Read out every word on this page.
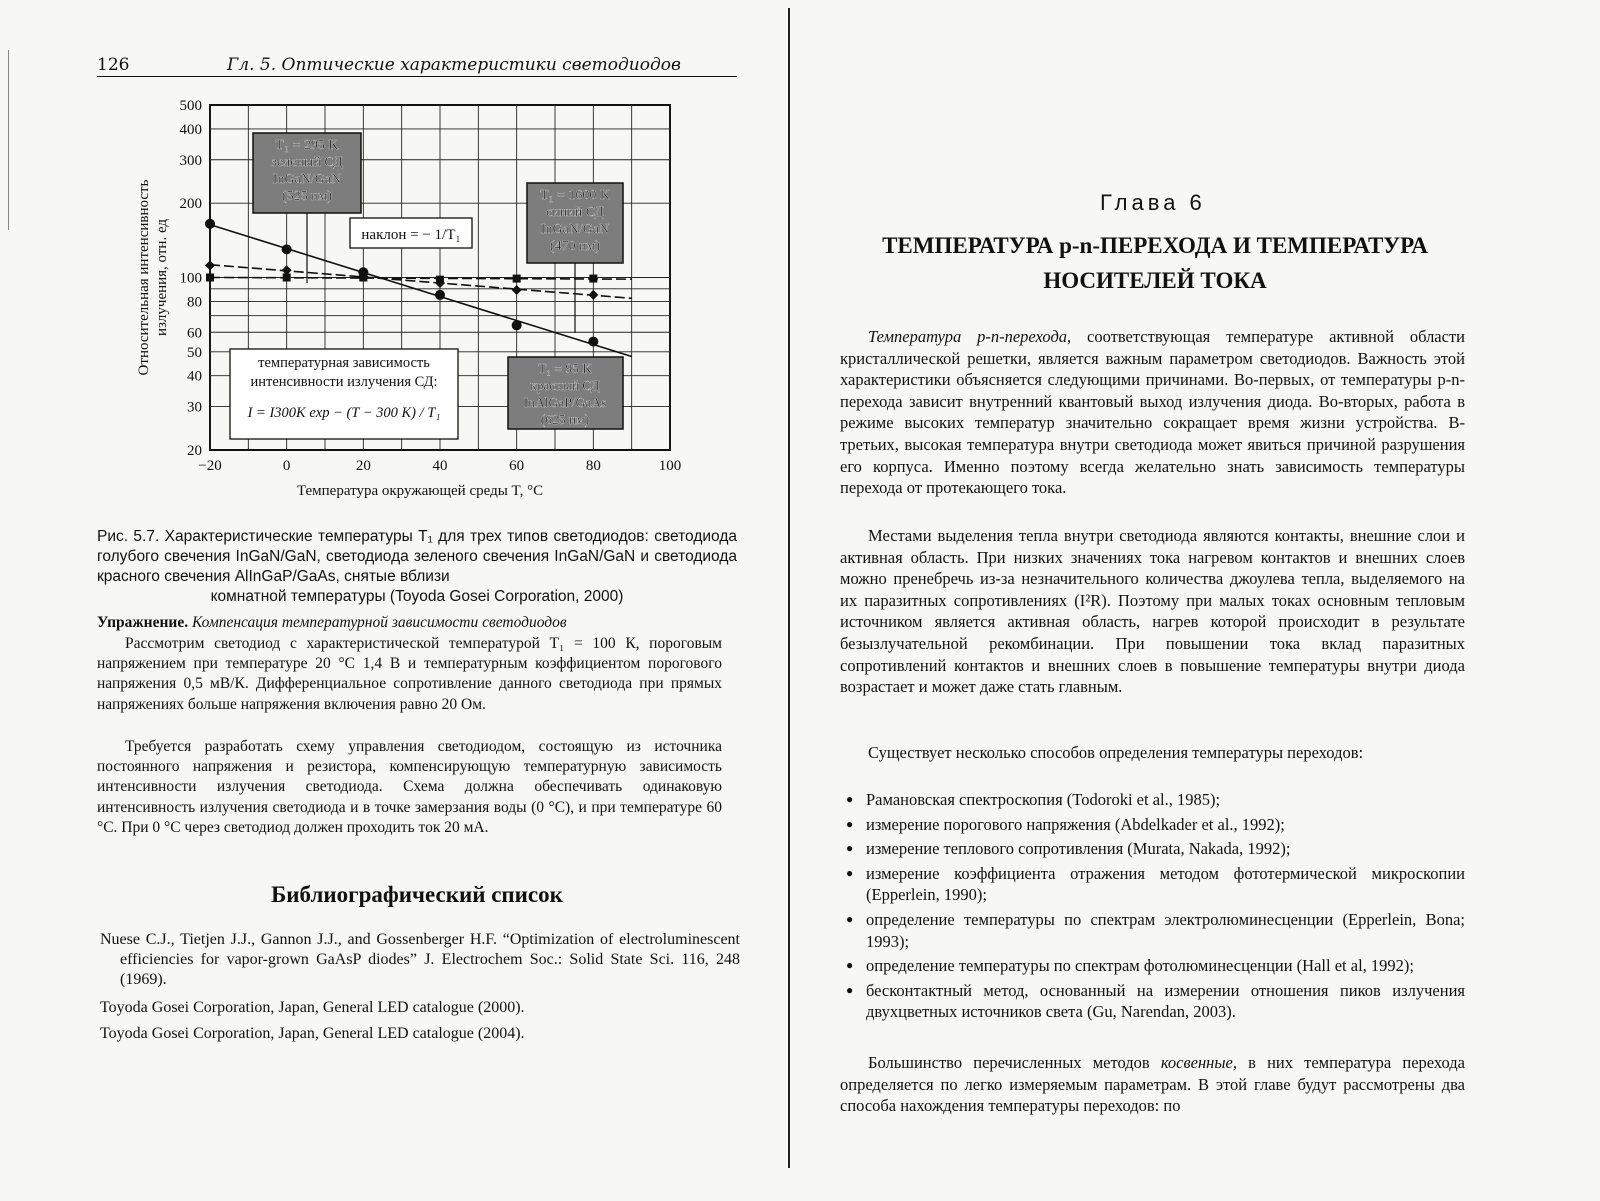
126	Гл. 5. Оптические характеристики светодиодов
−20	0	20	40	60	80	100
20
30
40
50
60
80
100
200
300
400
500
Температура окружающей среды T, °C
Относительная интенсивность излучения, отн. ед
T₁ = 295 K
зеленый СД
InGaN/GaN
(525 нм)	T₁ = 1600 K
синий СД
InGaN/GaN
(470 нм)
T₁ = 95 K
красный СД
InAlGaP/GaAs
(625 нм)
наклон = − 1/T₁
температурная зависимость
интенсивности излучения СД:
I = I300K exp − (T − 300 K) / T₁
Рис. 5.7. Характеристические температуры T₁ для трех типов светодиодов: светодиода голубого свечения InGaN/GaN, светодиода зеленого свечения InGaN/GaN и светодиода красного свечения AlInGaP/GaAs, снятые вблизи
комнатной температуры (Toyoda Gosei Corporation, 2000)
Упражнение. Компенсация температурной зависимости светодиодов
Рассмотрим светодиод с характеристической температурой T₁ = 100 К, пороговым напряжением при температуре 20 °С 1,4 В и температурным коэффициентом порогового напряжения 0,5 мВ/К. Дифференциальное сопротивление данного светодиода при прямых напряжениях больше напряжения включения равно 20 Ом.
Требуется разработать схему управления светодиодом, состоящую из источника постоянного напряжения и резистора, компенсирующую температурную зависимость интенсивности излучения светодиода. Схема должна обеспечивать одинаковую интенсивность излучения светодиода и в точке замерзания воды (0 °С), и при температуре 60 °С. При 0 °С через светодиод должен проходить ток 20 мА.
Библиографический список
Nuese C.J., Tietjen J.J., Gannon J.J., and Gossenberger H.F. “Optimization of electroluminescent efficiencies for vapor-grown GaAsP diodes” J. Electrochem Soc.: Solid State Sci. 116, 248 (1969).
Toyoda Gosei Corporation, Japan, General LED catalogue (2000).
Toyoda Gosei Corporation, Japan, General LED catalogue (2004).
Глава 6
ТЕМПЕРАТУРА p-n-ПЕРЕХОДА И ТЕМПЕРАТУРА
НОСИТЕЛЕЙ ТОКА
Температура p-n-перехода, соответствующая температуре активной области кристаллической решетки, является важным параметром светодиодов. Важность этой характеристики объясняется следующими причинами. Во-первых, от температуры p-n-перехода зависит внутренний квантовый выход излучения диода. Во-вторых, работа в режиме высоких температур значительно сокращает время жизни устройства. В-третьих, высокая температура внутри светодиода может явиться причиной разрушения его корпуса. Именно поэтому всегда желательно знать зависимость температуры перехода от протекающего тока.
Местами выделения тепла внутри светодиода являются контакты, внешние слои и активная область. При низких значениях тока нагревом контактов и внешних слоев можно пренебречь из-за незначительного количества джоулева тепла, выделяемого на их паразитных сопротивлениях (I²R). Поэтому при малых токах основным тепловым источником является активная область, нагрев которой происходит в результате безызлучательной рекомбинации. При повышении тока вклад паразитных сопротивлений контактов и внешних слоев в повышение температуры внутри диода возрастает и может даже стать главным.
Существует несколько способов определения температуры переходов:
● Рамановская спектроскопия (Todoroki et al., 1985);
● измерение порогового напряжения (Abdelkader et al., 1992);
● измерение теплового сопротивления (Murata, Nakada, 1992);
● измерение коэффициента отражения методом фототермической микроскопии (Epperlein, 1990);
● определение температуры по спектрам электролюминесценции (Epperlein, Bona; 1993);
● определение температуры по спектрам фотолюминесценции (Hall et al, 1992);
● бесконтактный метод, основанный на измерении отношения пиков излучения двухцветных источников света (Gu, Narendan, 2003).
Большинство перечисленных методов косвенные, в них температура перехода определяется по легко измеряемым параметрам. В этой главе будут рассмотрены два способа нахождения температуры переходов: по
